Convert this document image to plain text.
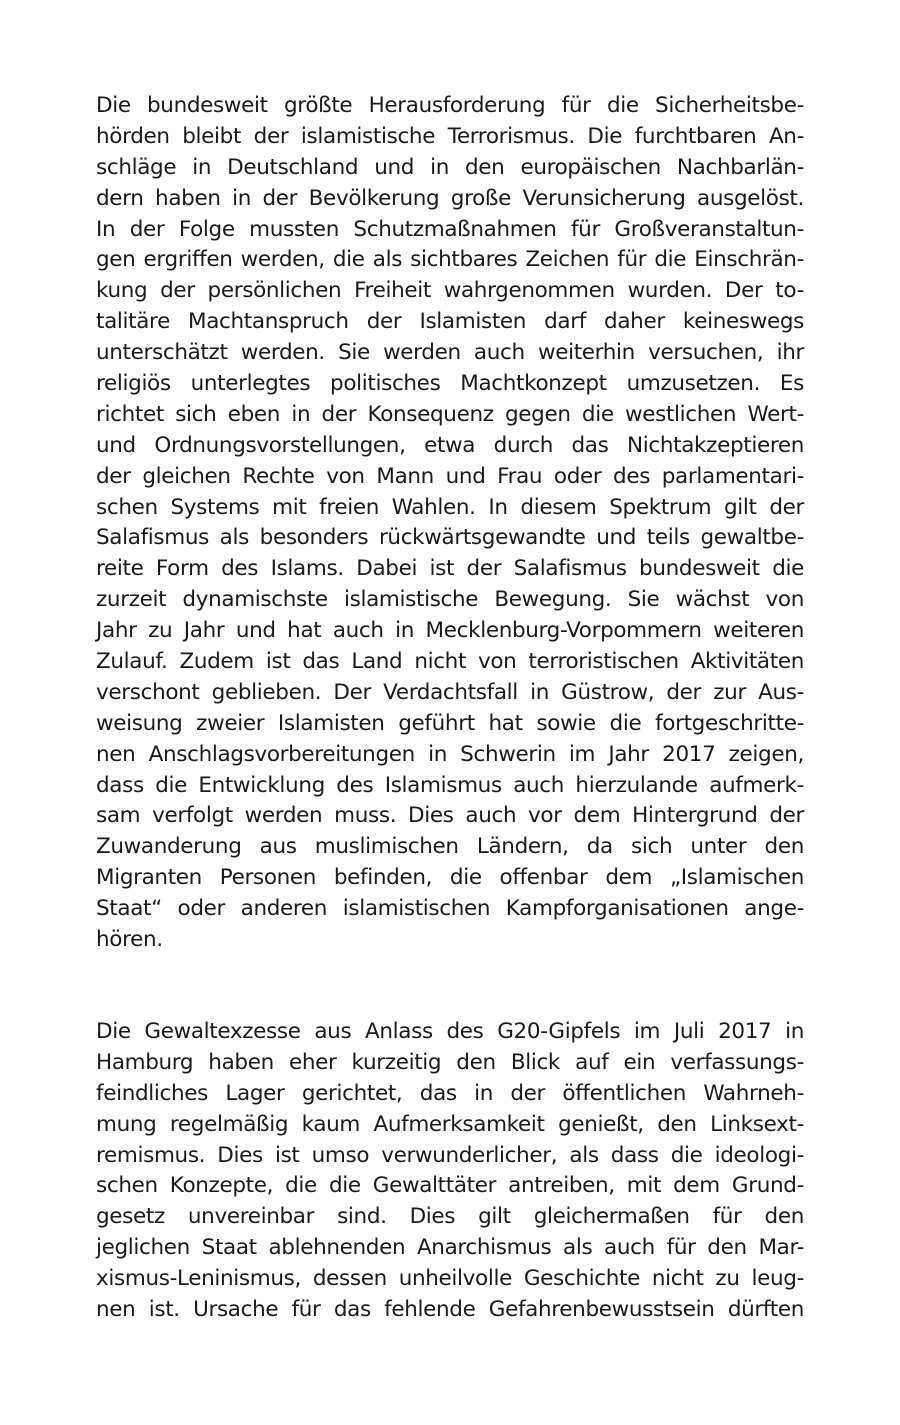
Die bundesweit größte Herausforderung für die Sicherheitsbe-
hörden bleibt der islamistische Terrorismus. Die furchtbaren An-
schläge in Deutschland und in den europäischen Nachbarlän-
dern haben in der Bevölkerung große Verunsicherung ausgelöst.
In der Folge mussten Schutzmaßnahmen für Großveranstaltun-
gen ergriffen werden, die als sichtbares Zeichen für die Einschrän-
kung der persönlichen Freiheit wahrgenommen wurden. Der to-
talitäre Machtanspruch der Islamisten darf daher keineswegs
unterschätzt werden. Sie werden auch weiterhin versuchen, ihr
religiös unterlegtes politisches Machtkonzept umzusetzen. Es
richtet sich eben in der Konsequenz gegen die westlichen Wert-
und Ordnungsvorstellungen, etwa durch das Nichtakzeptieren
der gleichen Rechte von Mann und Frau oder des parlamentari-
schen Systems mit freien Wahlen. In diesem Spektrum gilt der
Salafismus als besonders rückwärtsgewandte und teils gewaltbe-
reite Form des Islams. Dabei ist der Salafismus bundesweit die
zurzeit dynamischste islamistische Bewegung. Sie wächst von
Jahr zu Jahr und hat auch in Mecklenburg-Vorpommern weiteren
Zulauf. Zudem ist das Land nicht von terroristischen Aktivitäten
verschont geblieben. Der Verdachtsfall in Güstrow, der zur Aus-
weisung zweier Islamisten geführt hat sowie die fortgeschritte-
nen Anschlagsvorbereitungen in Schwerin im Jahr 2017 zeigen,
dass die Entwicklung des Islamismus auch hierzulande aufmerk-
sam verfolgt werden muss. Dies auch vor dem Hintergrund der
Zuwanderung aus muslimischen Ländern, da sich unter den
Migranten Personen befinden, die offenbar dem „Islamischen
Staat“ oder anderen islamistischen Kampforganisationen ange-
hören.
Die Gewaltexzesse aus Anlass des G20-Gipfels im Juli 2017 in
Hamburg haben eher kurzeitig den Blick auf ein verfassungs-
feindliches Lager gerichtet, das in der öffentlichen Wahrneh-
mung regelmäßig kaum Aufmerksamkeit genießt, den Linksext-
remismus. Dies ist umso verwunderlicher, als dass die ideologi-
schen Konzepte, die die Gewalttäter antreiben, mit dem Grund-
gesetz unvereinbar sind. Dies gilt gleichermaßen für den
jeglichen Staat ablehnenden Anarchismus als auch für den Mar-
xismus-Leninismus, dessen unheilvolle Geschichte nicht zu leug-
nen ist. Ursache für das fehlende Gefahrenbewusstsein dürften
